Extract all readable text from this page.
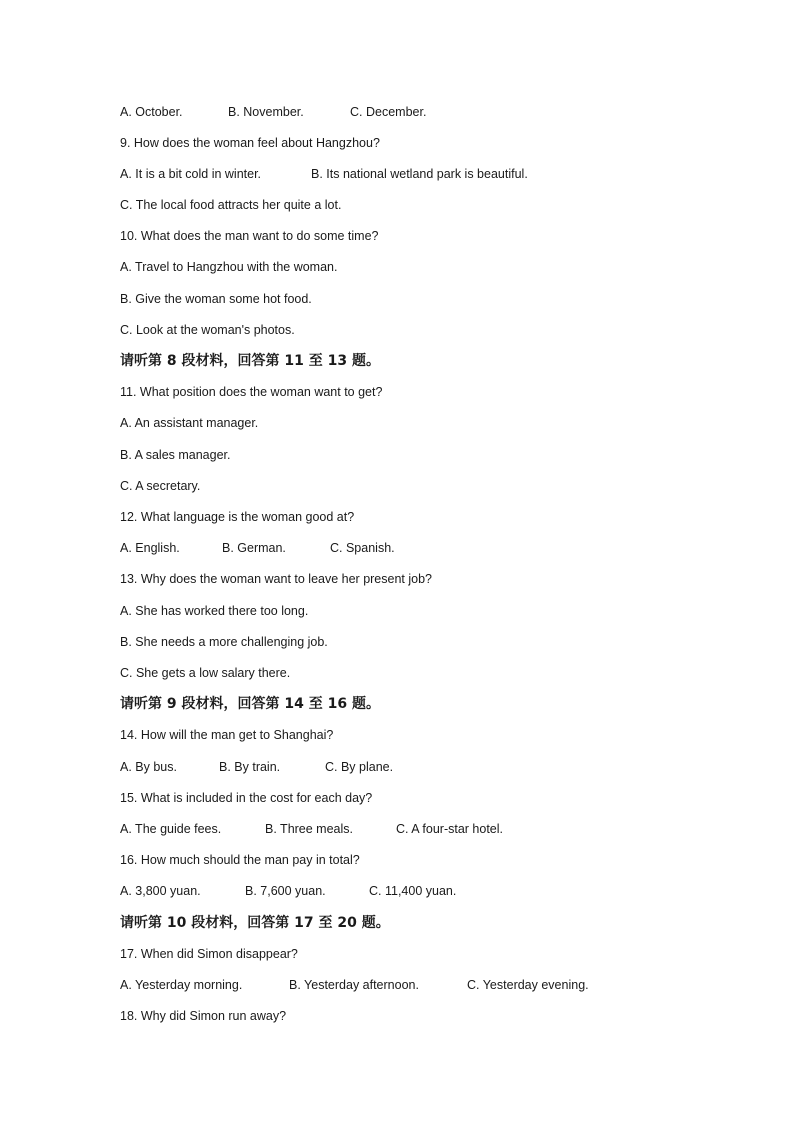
A. October.	B. November.	C. December.
9. How does the woman feel about Hangzhou?
A. It is a bit cold in winter.	B. Its national wetland park is beautiful.
C. The local food attracts her quite a lot.
10. What does the man want to do some time?
A. Travel to Hangzhou with the woman.
B. Give the woman some hot food.
C. Look at the woman's photos.
请听第 8 段材料，回答第 11 至 13 题。
11. What position does the woman want to get?
A. An assistant manager.
B. A sales manager.
C. A secretary.
12. What language is the woman good at?
A. English.	B. German.	C. Spanish.
13. Why does the woman want to leave her present job?
A. She has worked there too long.
B. She needs a more challenging job.
C. She gets a low salary there.
请听第 9 段材料，回答第 14 至 16 题。
14. How will the man get to Shanghai?
A. By bus.	B. By train.	C. By plane.
15. What is included in the cost for each day?
A. The guide fees.	B. Three meals.	C. A four-star hotel.
16. How much should the man pay in total?
A. 3,800 yuan.	B. 7,600 yuan.	C. 11,400 yuan.
请听第 10 段材料，回答第 17 至 20 题。
17. When did Simon disappear?
A. Yesterday morning.	B. Yesterday afternoon.	C. Yesterday evening.
18. Why did Simon run away?
